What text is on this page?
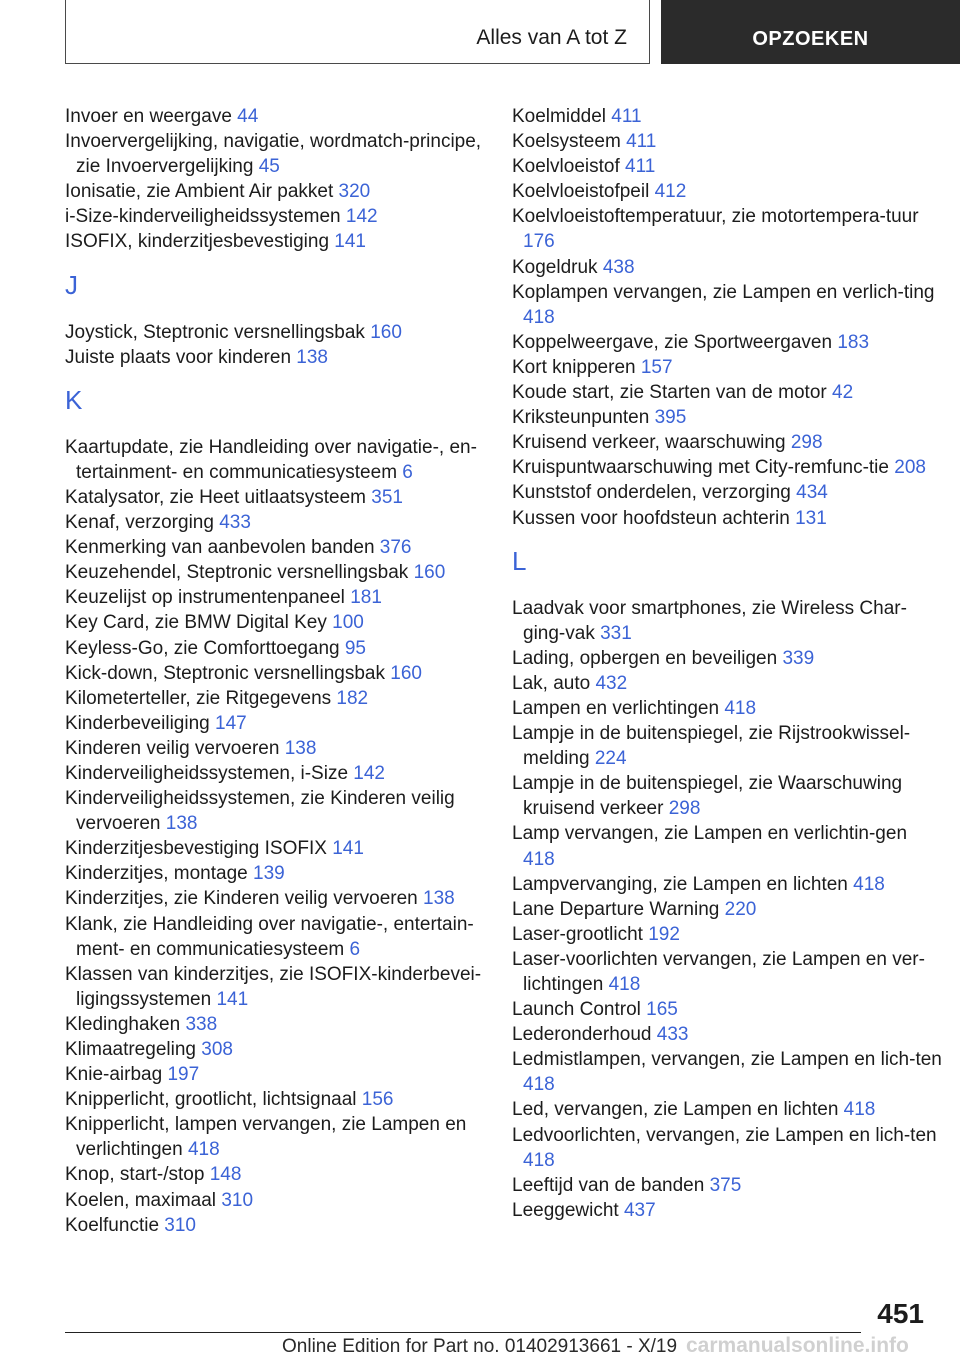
Alles van A tot Z	OPZOEKEN
Invoer en weergave 44
Invoervergelijking, navigatie, wordmatch-principe, zie Invoervergelijking 45
Ionisatie, zie Ambient Air pakket 320
i-Size-kinderveiligheidssystemen 142
ISOFIX, kinderzitjesbevestiging 141
J
Joystick, Steptronic versnellingsbak 160
Juiste plaats voor kinderen 138
K
Kaartupdate, zie Handleiding over navigatie-, en-tertainment- en communicatiesysteem 6
Katalysator, zie Heet uitlaatsysteem 351
Kenaf, verzorging 433
Kenmerking van aanbevolen banden 376
Keuzehendel, Steptronic versnellingsbak 160
Keuzelijst op instrumentenpaneel 181
Key Card, zie BMW Digital Key 100
Keyless-Go, zie Comforttoegang 95
Kick-down, Steptronic versnellingsbak 160
Kilometerteller, zie Ritgegevens 182
Kinderbeveiliging 147
Kinderen veilig vervoeren 138
Kinderveiligheidssystemen, i-Size 142
Kinderveiligheidssystemen, zie Kinderen veilig vervoeren 138
Kinderzitjesbevestiging ISOFIX 141
Kinderzitjes, montage 139
Kinderzitjes, zie Kinderen veilig vervoeren 138
Klank, zie Handleiding over navigatie-, entertain-ment- en communicatiesysteem 6
Klassen van kinderzitjes, zie ISOFIX-kinderbevei-ligingssystemen 141
Kledinghaken 338
Klimaatregeling 308
Knie-airbag 197
Knipperlicht, grootlicht, lichtsignaal 156
Knipperlicht, lampen vervangen, zie Lampen en verlichtingen 418
Knop, start-/stop 148
Koelen, maximaal 310
Koelfunctie 310
Koelmiddel 411
Koelsysteem 411
Koelvloeistof 411
Koelvloeistofpeil 412
Koelvloeistoftemperatuur, zie motortempera-tuur 176
Kogeldruk 438
Koplampen vervangen, zie Lampen en verlich-ting 418
Koppelweergave, zie Sportweergaven 183
Kort knipperen 157
Koude start, zie Starten van de motor 42
Kriksteunpunten 395
Kruisend verkeer, waarschuwing 298
Kruispuntwaarschuwing met City-remfunc-tie 208
Kunststof onderdelen, verzorging 434
Kussen voor hoofdsteun achterin 131
L
Laadvak voor smartphones, zie Wireless Char-ging-vak 331
Lading, opbergen en beveiligen 339
Lak, auto 432
Lampen en verlichtingen 418
Lampje in de buitenspiegel, zie Rijstrookwissel-melding 224
Lampje in de buitenspiegel, zie Waarschuwing kruisend verkeer 298
Lamp vervangen, zie Lampen en verlichtin-gen 418
Lampvervanging, zie Lampen en lichten 418
Lane Departure Warning 220
Laser-grootlicht 192
Laser-voorlichten vervangen, zie Lampen en ver-lichtingen 418
Launch Control 165
Lederonderhoud 433
Ledmistlampen, vervangen, zie Lampen en lich-ten 418
Led, vervangen, zie Lampen en lichten 418
Ledvoorlichten, vervangen, zie Lampen en lich-ten 418
Leeftijd van de banden 375
Leeggewicht 437
451
Online Edition for Part no. 01402913661 - X/19 carmanualsonline.info
